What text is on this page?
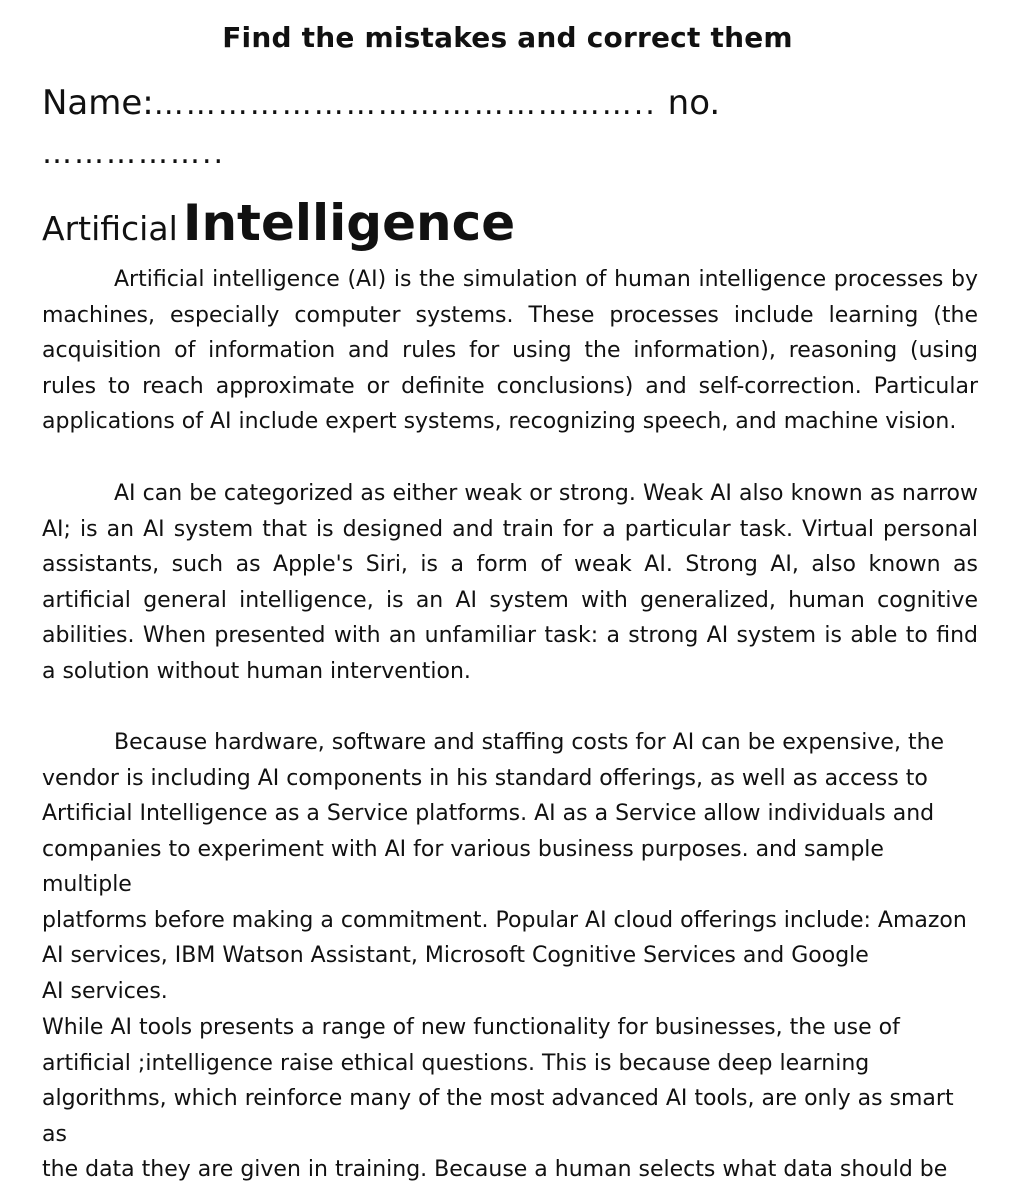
Find the mistakes and correct them
Name:……………………………………….. no.
……………..
Artificial Intelligence

Artificial intelligence (AI) is the simulation of human intelligence processes by machines, especially computer systems. These processes include learning (the acquisition of information and rules for using the information), reasoning (using rules to reach approximate or definite conclusions) and self-correction. Particular applications of AI include expert systems, recognizing speech, and machine vision.

AI can be categorized as either weak or strong. Weak AI also known as narrow AI; is an AI system that is designed and train for a particular task. Virtual personal assistants, such as Apple's Siri, is a form of weak AI. Strong AI, also known as artificial general intelligence, is an AI system with generalized, human cognitive abilities. When presented with an unfamiliar task: a strong AI system is able to find a solution without human intervention.

Because hardware, software and staffing costs for AI can be expensive, the
vendor is including AI components in his standard offerings, as well as access to
Artificial Intelligence as a Service platforms. AI as a Service allow individuals and
companies to experiment with AI for various business purposes. and sample multiple
platforms before making a commitment. Popular AI cloud offerings include: Amazon
AI services, IBM Watson Assistant, Microsoft Cognitive Services and Google
AI services.
While AI tools presents a range of new functionality for businesses, the use of
artificial ;intelligence raise ethical questions. This is because deep learning
algorithms, which reinforce many of the most advanced AI tools, are only as smart as
the data they are given in training. Because a human selects what data should be
